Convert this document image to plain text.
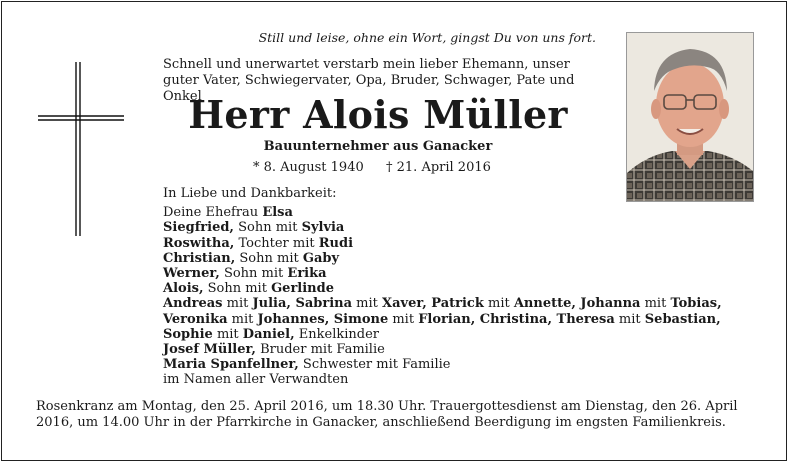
Still und leise, ohne ein Wort, gingst Du von uns fort.
Schnell und unerwartet verstarb mein lieber Ehemann, unser guter Vater, Schwiegervater, Opa, Bruder, Schwager, Pate und Onkel
Herr Alois Müller
Bauunternehmer aus Ganacker
* 8. August 1940 † 21. April 2016
In Liebe und Dankbarkeit:
Deine Ehefrau Elsa
Siegfried, Sohn mit Sylvia
Roswitha, Tochter mit Rudi
Christian, Sohn mit Gaby
Werner, Sohn mit Erika
Alois, Sohn mit Gerlinde
Andreas mit Julia, Sabrina mit Xaver, Patrick mit Annette, Johanna mit Tobias,
Veronika mit Johannes, Simone mit Florian, Christina, Theresa mit Sebastian,
Sophie mit Daniel, Enkelkinder
Josef Müller, Bruder mit Familie
Maria Spanfellner, Schwester mit Familie
im Namen aller Verwandten
Rosenkranz am Montag, den 25. April 2016, um 18.30 Uhr. Trauergottesdienst am Dienstag, den 26. April 2016, um 14.00 Uhr in der Pfarrkirche in Ganacker, anschließend Beerdigung im engsten Familienkreis.
